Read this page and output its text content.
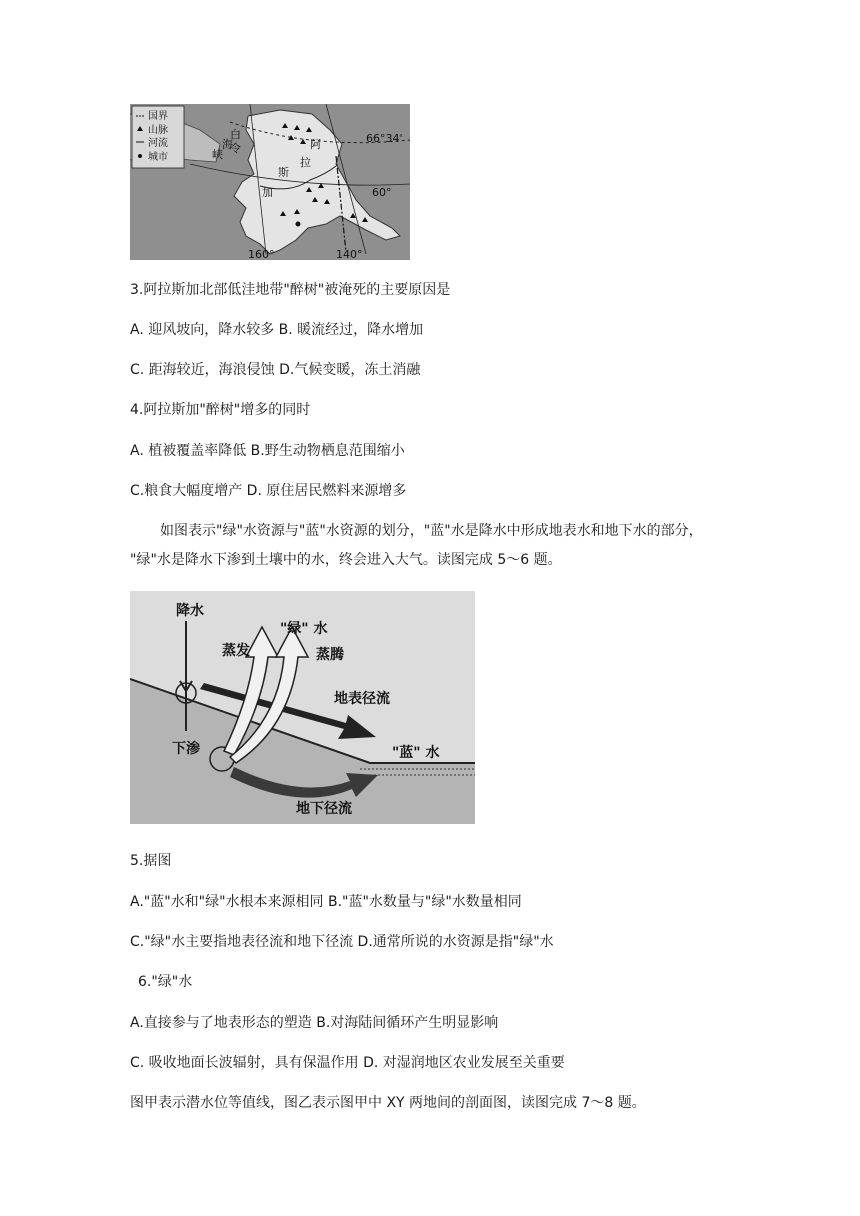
国界
山脉
河流
城市
白
令
海
峡
阿
拉
斯
加
66°34'
60°
160°	140°
3.阿拉斯加北部低洼地带"醉树"被淹死的主要原因是
A. 迎风坡向，降水较多 B. 暖流经过，降水增加
C. 距海较近，海浪侵蚀 D.气候变暖，冻土消融
4.阿拉斯加"醉树"增多的同时
A. 植被覆盖率降低 B.野生动物栖息范围缩小
C.粮食大幅度增产 D. 原住居民燃料来源增多
如图表示"绿"水资源与"蓝"水资源的划分，"蓝"水是降水中形成地表水和地下水的部分，
"绿"水是降水下渗到土壤中的水，终会进入大气。读图完成 5～6 题。
降水
"绿" 水
蒸发	蒸腾
地表径流
下渗	"蓝" 水
地下径流
5.据图
A."蓝"水和"绿"水根本来源相同 B."蓝"水数量与"绿"水数量相同
C."绿"水主要指地表径流和地下径流 D.通常所说的水资源是指"绿"水
6."绿"水
A.直接参与了地表形态的塑造 B.对海陆间循环产生明显影响
C. 吸收地面长波辐射，具有保温作用 D. 对湿润地区农业发展至关重要
图甲表示潜水位等值线，图乙表示图甲中 XY 两地间的剖面图，读图完成 7～8 题。
